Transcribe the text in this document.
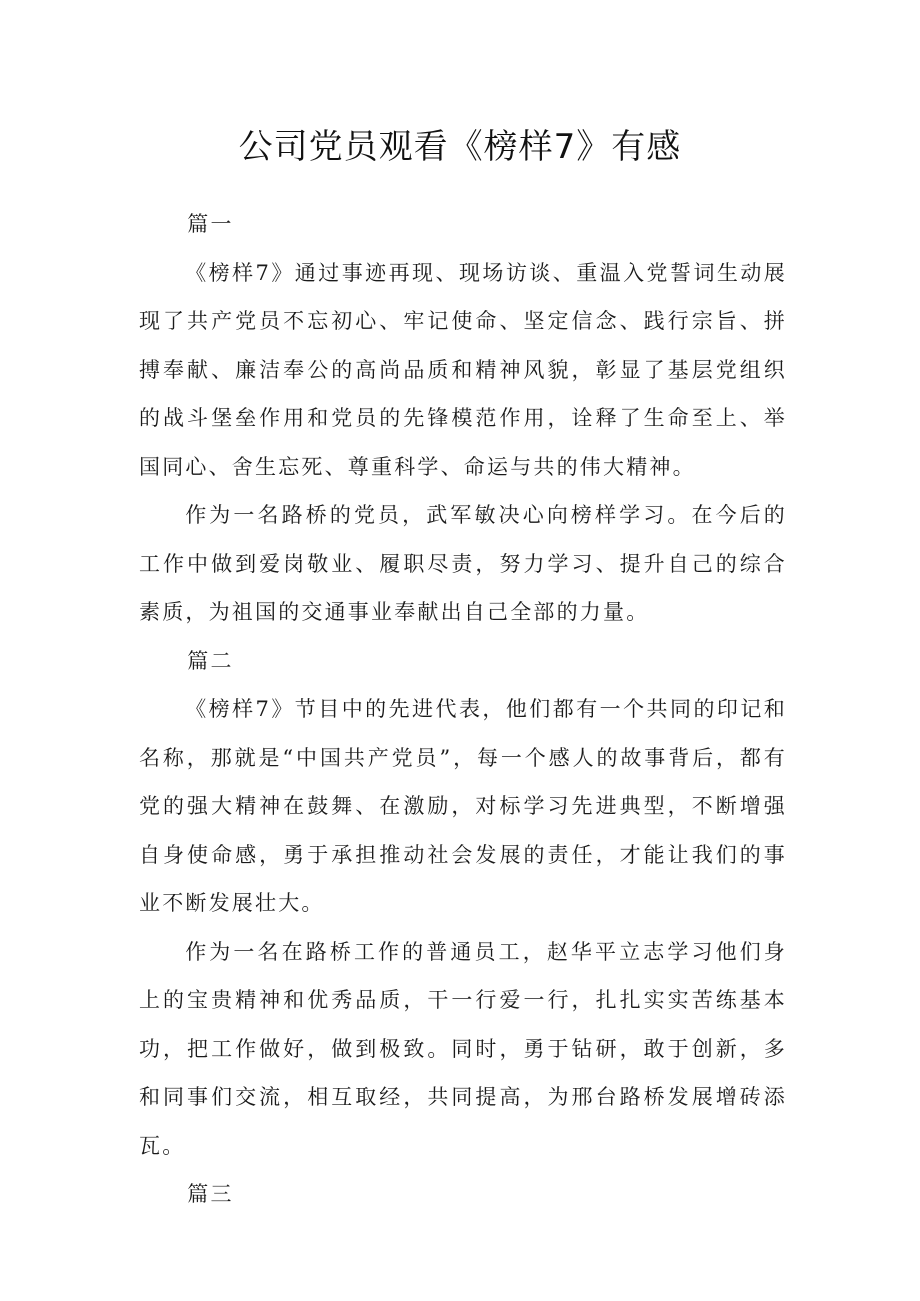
公司党员观看《榜样7》有感

篇一

《榜样7》通过事迹再现、现场访谈、重温入党誓词生动展现了共产党员不忘初心、牢记使命、坚定信念、践行宗旨、拼搏奉献、廉洁奉公的高尚品质和精神风貌，彰显了基层党组织的战斗堡垒作用和党员的先锋模范作用，诠释了生命至上、举国同心、舍生忘死、尊重科学、命运与共的伟大精神。

作为一名路桥的党员，武军敏决心向榜样学习。在今后的工作中做到爱岗敬业、履职尽责，努力学习、提升自己的综合素质，为祖国的交通事业奉献出自己全部的力量。

篇二

《榜样7》节目中的先进代表，他们都有一个共同的印记和名称，那就是“中国共产党员”，每一个感人的故事背后，都有党的强大精神在鼓舞、在激励，对标学习先进典型，不断增强自身使命感，勇于承担推动社会发展的责任，才能让我们的事业不断发展壮大。

作为一名在路桥工作的普通员工，赵华平立志学习他们身上的宝贵精神和优秀品质，干一行爱一行，扎扎实实苦练基本功，把工作做好，做到极致。同时，勇于钻研，敢于创新，多和同事们交流，相互取经，共同提高，为邢台路桥发展增砖添瓦。

篇三
